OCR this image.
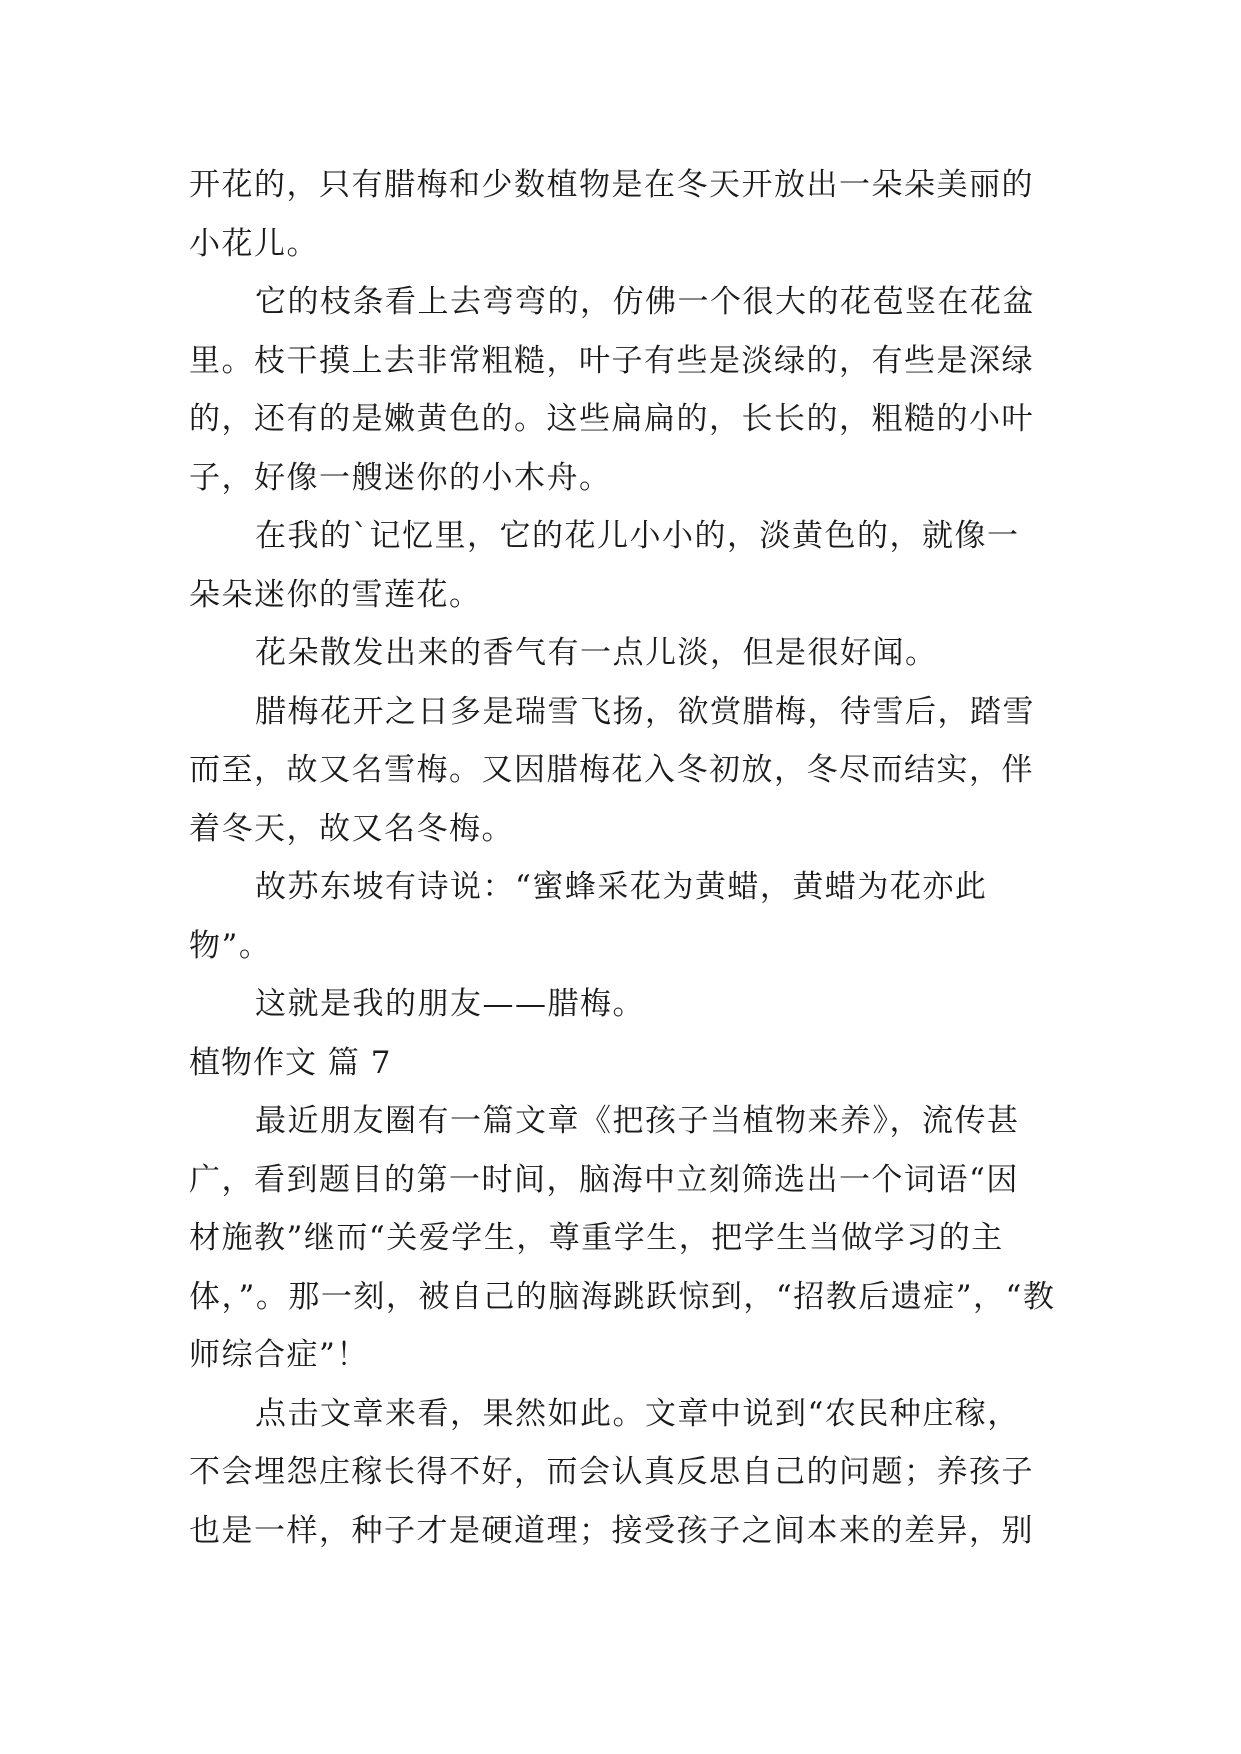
开花的，只有腊梅和少数植物是在冬天开放出一朵朵美丽的
小花儿。
它的枝条看上去弯弯的，仿佛一个很大的花苞竖在花盆
里。枝干摸上去非常粗糙，叶子有些是淡绿的，有些是深绿
的，还有的是嫩黄色的。这些扁扁的，长长的，粗糙的小叶
子，好像一艘迷你的小木舟。
在我的`记忆里，它的花儿小小的，淡黄色的，就像一
朵朵迷你的雪莲花。
花朵散发出来的香气有一点儿淡，但是很好闻。
腊梅花开之日多是瑞雪飞扬，欲赏腊梅，待雪后，踏雪
而至，故又名雪梅。又因腊梅花入冬初放，冬尽而结实，伴
着冬天，故又名冬梅。
故苏东坡有诗说：“蜜蜂采花为黄蜡，黄蜡为花亦此
物”。
这就是我的朋友——腊梅。
植物作文 篇 7
最近朋友圈有一篇文章《把孩子当植物来养》，流传甚
广，看到题目的第一时间，脑海中立刻筛选出一个词语“因
材施教”继而“关爱学生，尊重学生，把学生当做学习的主
体，”。那一刻，被自己的脑海跳跃惊到，“招教后遗症”，“教
师综合症”！
点击文章来看，果然如此。文章中说到“农民种庄稼，
不会埋怨庄稼长得不好，而会认真反思自己的问题；养孩子
也是一样，种子才是硬道理；接受孩子之间本来的差异，别
